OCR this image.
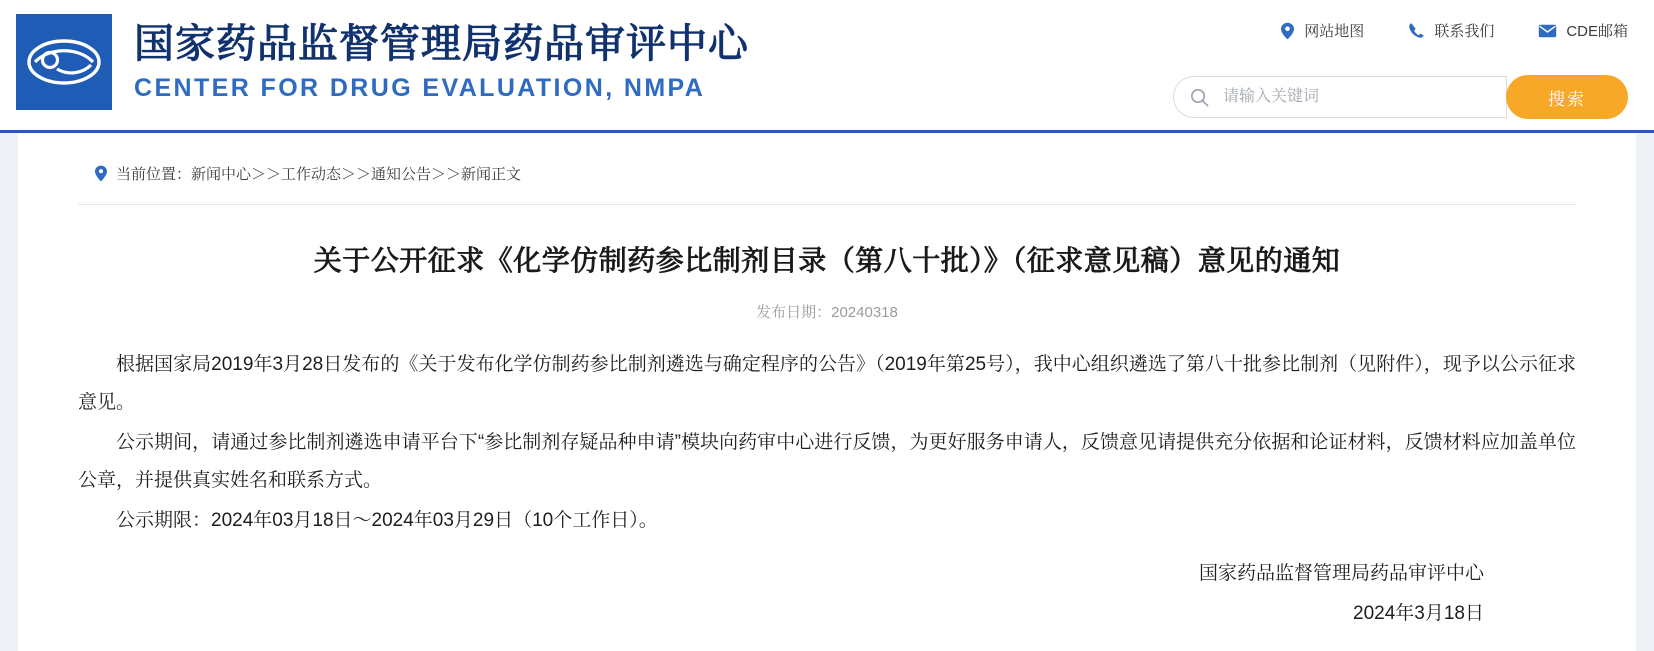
国家药品监督管理局药品审评中心
CENTER FOR DRUG EVALUATION, NMPA
网站地图	联系我们	CDE邮箱
请输入关键词
搜索
当前位置：新闻中心＞＞工作动态＞＞通知公告＞＞新闻正文
关于公开征求《化学仿制药参比制剂目录（第八十批）》（征求意见稿）意见的通知
发布日期：20240318

根据国家局2019年3月28日发布的《关于发布化学仿制药参比制剂遴选与确定程序的公告》（2019年第25号），我中心组织遴选了第八十批参比制剂（见附件），现予以公示征求意见。

公示期间，请通过参比制剂遴选申请平台下“参比制剂存疑品种申请”模块向药审中心进行反馈，为更好服务申请人，反馈意见请提供充分依据和论证材料，反馈材料应加盖单位公章，并提供真实姓名和联系方式。

公示期限：2024年03月18日～2024年03月29日（10个工作日）。

国家药品监督管理局药品审评中心
2024年3月18日
